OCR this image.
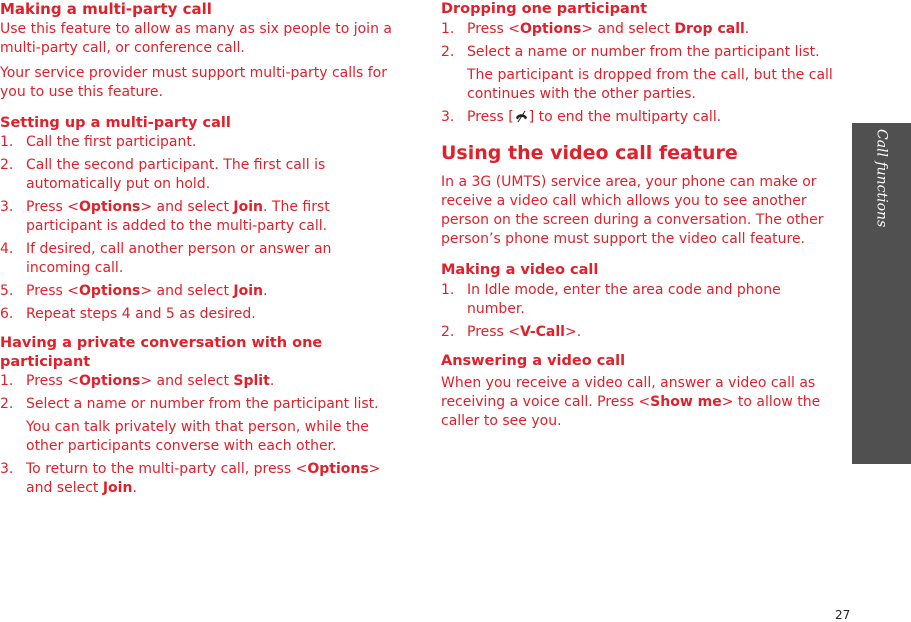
Making a multi-party call

Use this feature to allow as many as six people to join a multi-party call, or conference call.

Your service provider must support multi-party calls for you to use this feature.

Setting up a multi-party call
1. Call the first participant.
2. Call the second participant. The first call is automatically put on hold.
3. Press <Options> and select Join. The first participant is added to the multi-party call.
4. If desired, call another person or answer an incoming call.
5. Press <Options> and select Join.
6. Repeat steps 4 and 5 as desired.
Having a private conversation with one participant
1. Press <Options> and select Split.
2. Select a name or number from the participant list.

You can talk privately with that person, while the other participants converse with each other.

3. To return to the multi-party call, press <Options> and select Join.
Dropping one participant
1. Press <Options> and select Drop call.
2. Select a name or number from the participant list.

The participant is dropped from the call, but the call continues with the other parties.

3. Press [ ] to end the multiparty call.
Using the video call feature

In a 3G (UMTS) service area, your phone can make or receive a video call which allows you to see another person on the screen during a conversation. The other person’s phone must support the video call feature.

Making a video call
1. In Idle mode, enter the area code and phone number.
2. Press <V-Call>.
Answering a video call

When you receive a video call, answer a video call as receiving a voice call. Press <Show me> to allow the caller to see you.

Call functions
27
